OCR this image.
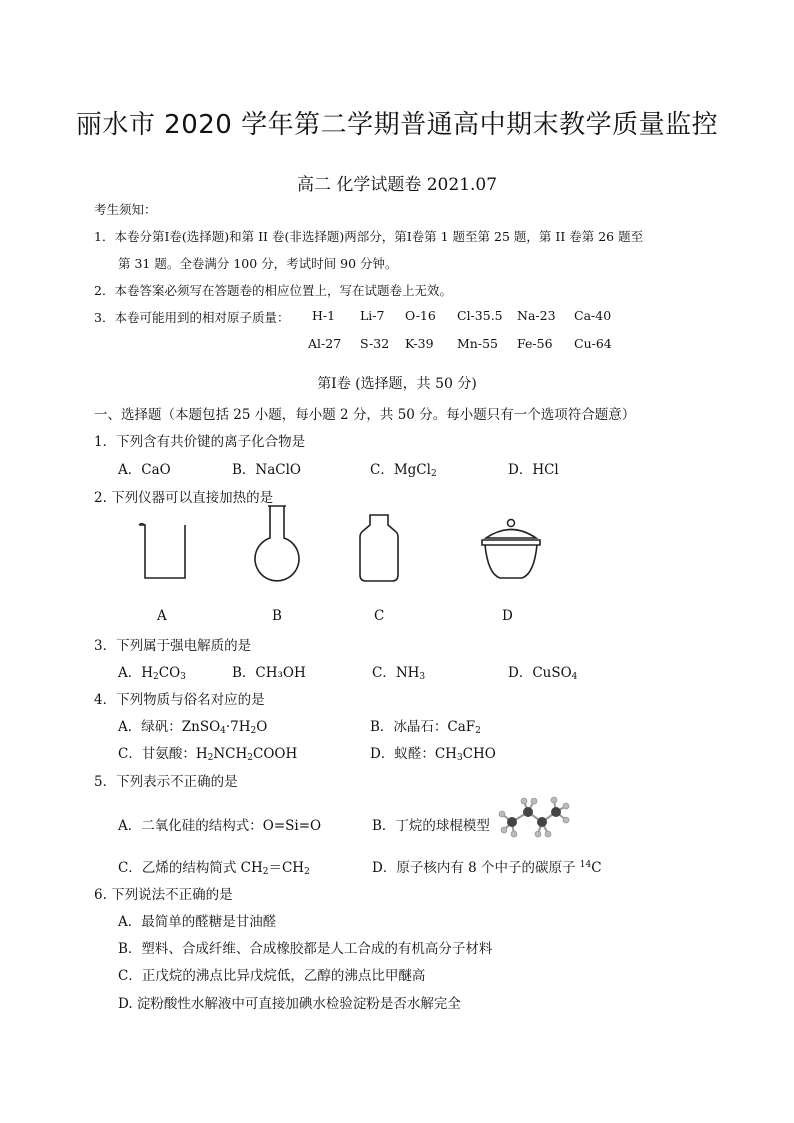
丽水市 2020 学年第二学期普通高中期末教学质量监控
高二 化学试题卷 2021.07
考生须知：
1．本卷分第Ⅰ卷(选择题)和第 II 卷(非选择题)两部分，第Ⅰ卷第 1 题至第 25 题，第 II 卷第 26 题至
第 31 题。全卷满分 100 分，考试时间 90 分钟。
2．本卷答案必须写在答题卷的相应位置上，写在试题卷上无效。
3．本卷可能用到的相对原子质量： H-1 Li-7 O-16 Cl-35.5 Na-23 Ca-40
Al-27 S-32 K-39 Mn-55 Fe-56 Cu-64
第Ⅰ卷 (选择题，共 50 分)
一、选择题（本题包括 25 小题，每小题 2 分，共 50 分。每小题只有一个选项符合题意）
1．下列含有共价键的离子化合物是
A．CaO	B．NaClO	C．MgCl$_2$	D．HCl
2. 下列仪器可以直接加热的是
A	B	C	D
3．下列属于强电解质的是
A．$H_2CO_3$	B．CH₃OH	C．$NH_3$	D．CuSO$_4$
4．下列物质与俗名对应的是
A．绿矾：$ZnSO_4\cdot 7H_2O$	B．冰晶石：CaF$_2$
C．甘氨酸：$H_2NCH_2COOH$	D．蚁醛：$CH_3CHO$
5．下列表示不正确的是
A．二氧化硅的结构式：O=Si=O	B．丁烷的球棍模型
C．乙烯的结构简式 $CH_2=CH_2$	D．原子核内有 8 个中子的碳原子 $^{14}$C
6. 下列说法不正确的是
A．最简单的醛糖是甘油醛
B．塑料、合成纤维、合成橡胶都是人工合成的有机高分子材料
C．正戊烷的沸点比异戊烷低，乙醇的沸点比甲醚高
D. 淀粉酸性水解液中可直接加碘水检验淀粉是否水解完全
